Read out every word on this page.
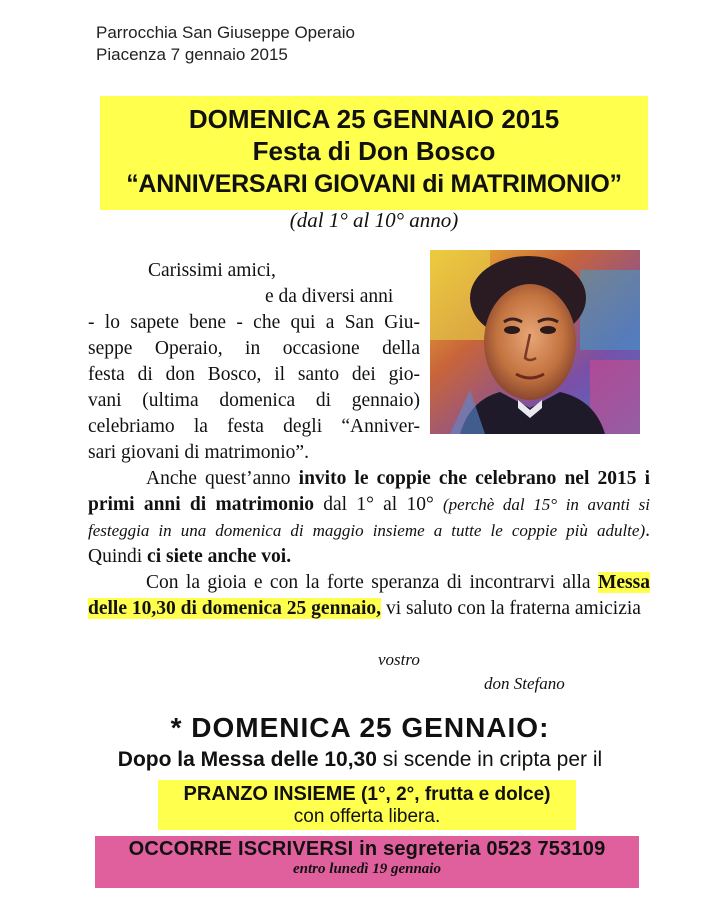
Parrocchia San Giuseppe Operaio
Piacenza 7 gennaio 2015
DOMENICA 25 GENNAIO 2015
Festa di Don Bosco
“ANNIVERSARI GIOVANI di MATRIMONIO”
(dal 1° al 10° anno)
Carissimi amici,
e da diversi anni
- lo sapete bene - che qui a San Giu-
seppe Operaio, in occasione della
festa di don Bosco, il santo dei gio-
vani (ultima domenica di gennaio)
celebriamo la festa degli “Anniver-
sari giovani di matrimonio”.
Anche quest’anno invito le coppie che celebrano nel 2015 i primi anni di matrimonio dal 1° al 10° (perchè dal 15° in avanti si festeggia in una domenica di maggio insieme a tutte le coppie più adulte). Quindi ci siete anche voi.
Con la gioia e con la forte speranza di incontrarvi alla Messa delle 10,30 di domenica 25 gennaio, vi saluto con la fraterna amicizia
vostro
don Stefano
* DOMENICA 25 GENNAIO:
Dopo la Messa delle 10,30 si scende in cripta per il
PRANZO INSIEME (1°, 2°, frutta e dolce)
con offerta libera.
OCCORRE ISCRIVERSI in segreteria 0523 753109
entro lunedì 19 gennaio
